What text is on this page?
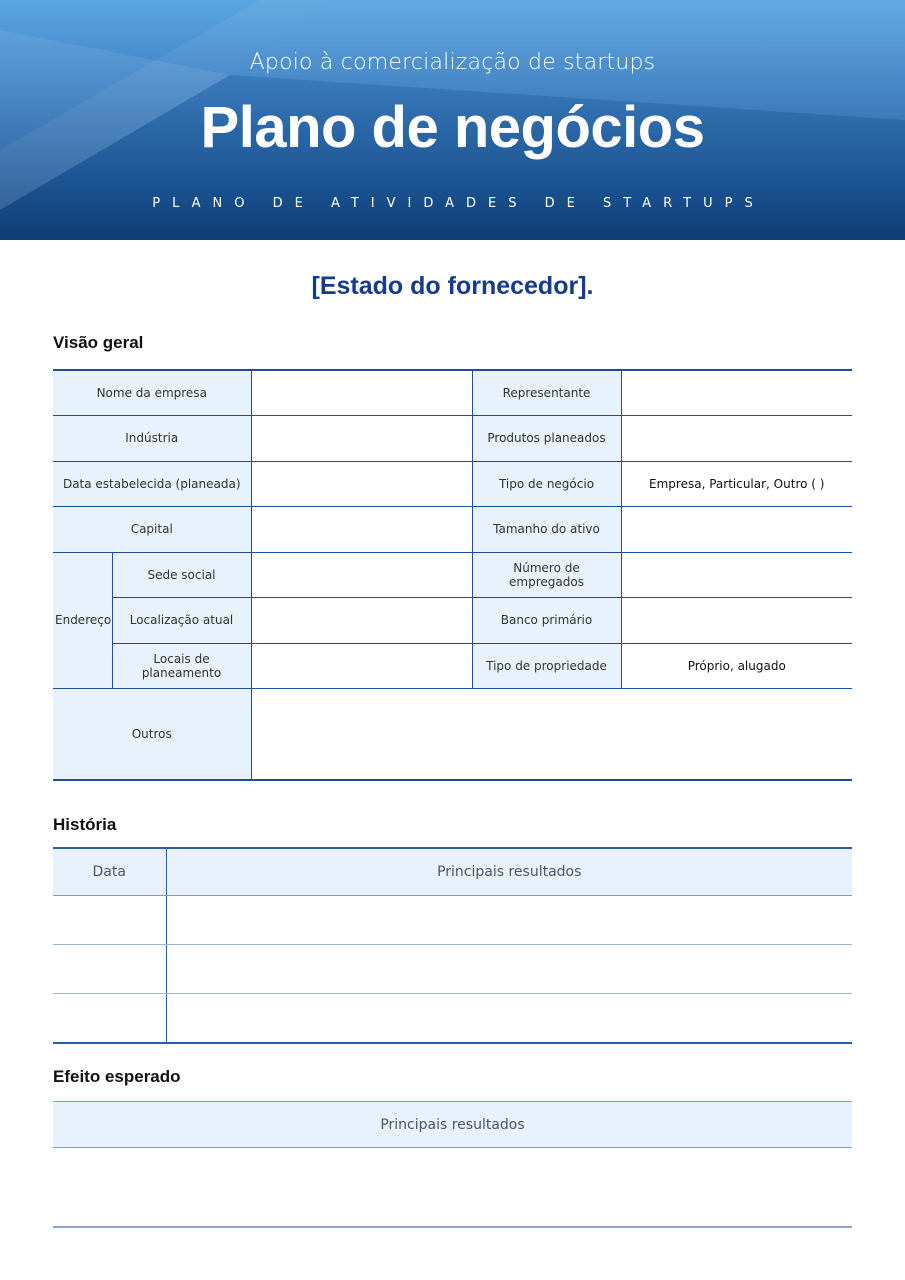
Apoio à comercialização de startups
Plano de negócios
PLANO DE ATIVIDADES DE STARTUPS
[Estado do fornecedor].
Visão geral
Nome da empresa			Representante	
Indústria			Produtos planeados	
Data estabelecida (planeada)			Tipo de negócio	Empresa, Particular, Outro ( )
Capital			Tamanho do ativo	
Endereço	Sede social		Número de empregados	
	Localização atual		Banco primário	
	Locais de planeamento		Tipo de propriedade	Próprio, alugado
Outros				
História
Data	Principais resultados

Efeito esperado
Principais resultados
